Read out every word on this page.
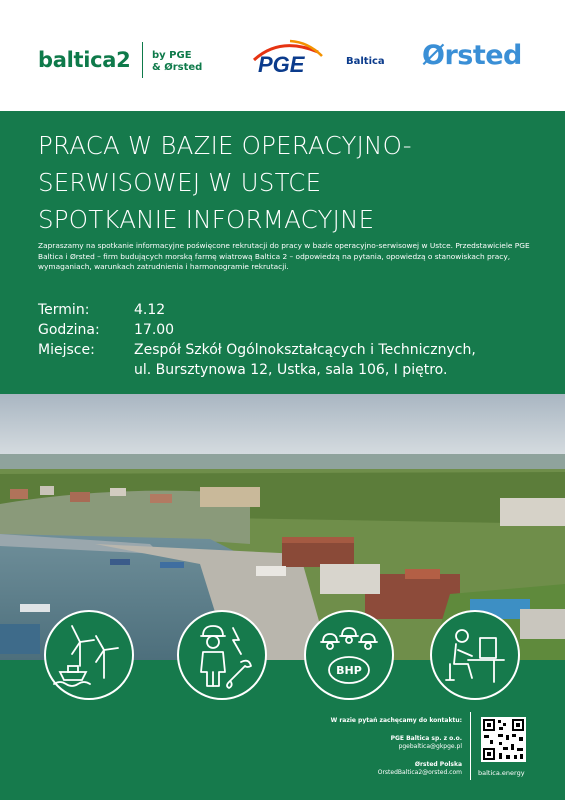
baltica2 by PGE
& Ørsted	PGE	Baltica Ørsted
PRACA W BAZIE OPERACYJNO-
SERWISOWEJ W USTCE
SPOTKANIE INFORMACYJNE
Zapraszamy na spotkanie informacyjne poświęcone rekrutacji do pracy w bazie operacyjno-serwisowej w Ustce. Przedstawiciele PGE Baltica i Ørsted – firm budujących morską farmę wiatrową Baltica 2 – odpowiedzą na pytania, opowiedzą o stanowiskach pracy, wymaganiach, warunkach zatrudnienia i harmonogramie rekrutacji.
Termin:	4.12
Godzina: 17.00
Miejsce:	Zespół Szkół Ogólnokształcących i Technicznych,
ul. Bursztynowa 12, Ustka, sala 106, I piętro.
BHP
W razie pytań zachęcamy do kontaktu:
PGE Baltica sp. z o.o.
pgebaltica@gkpge.pl
Ørsted Polska
OrstedBaltica2@orsted.com baltica.energy
